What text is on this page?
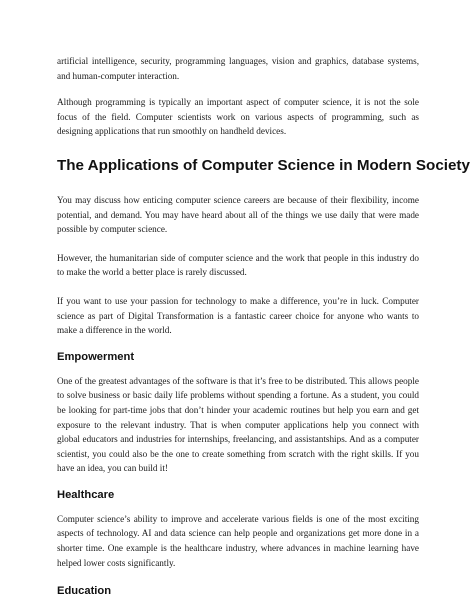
artificial intelligence, security, programming languages, vision and graphics, database systems, and human-computer interaction.

Although programming is typically an important aspect of computer science, it is not the sole focus of the field. Computer scientists work on various aspects of programming, such as designing applications that run smoothly on handheld devices.

The Applications of Computer Science in Modern Society

You may discuss how enticing computer science careers are because of their flexibility, income potential, and demand. You may have heard about all of the things we use daily that were made possible by computer science.

However, the humanitarian side of computer science and the work that people in this industry do to make the world a better place is rarely discussed.

If you want to use your passion for technology to make a difference, you’re in luck. Computer science as part of Digital Transformation is a fantastic career choice for anyone who wants to make a difference in the world.

Empowerment

One of the greatest advantages of the software is that it’s free to be distributed. This allows people to solve business or basic daily life problems without spending a fortune. As a student, you could be looking for part-time jobs that don’t hinder your academic routines but help you earn and get exposure to the relevant industry. That is when computer applications help you connect with global educators and industries for internships, freelancing, and assistantships. And as a computer scientist, you could also be the one to create something from scratch with the right skills. If you have an idea, you can build it!

Healthcare

Computer science’s ability to improve and accelerate various fields is one of the most exciting aspects of technology. AI and data science can help people and organizations get more done in a shorter time. One example is the healthcare industry, where advances in machine learning have helped lower costs significantly.

Education
